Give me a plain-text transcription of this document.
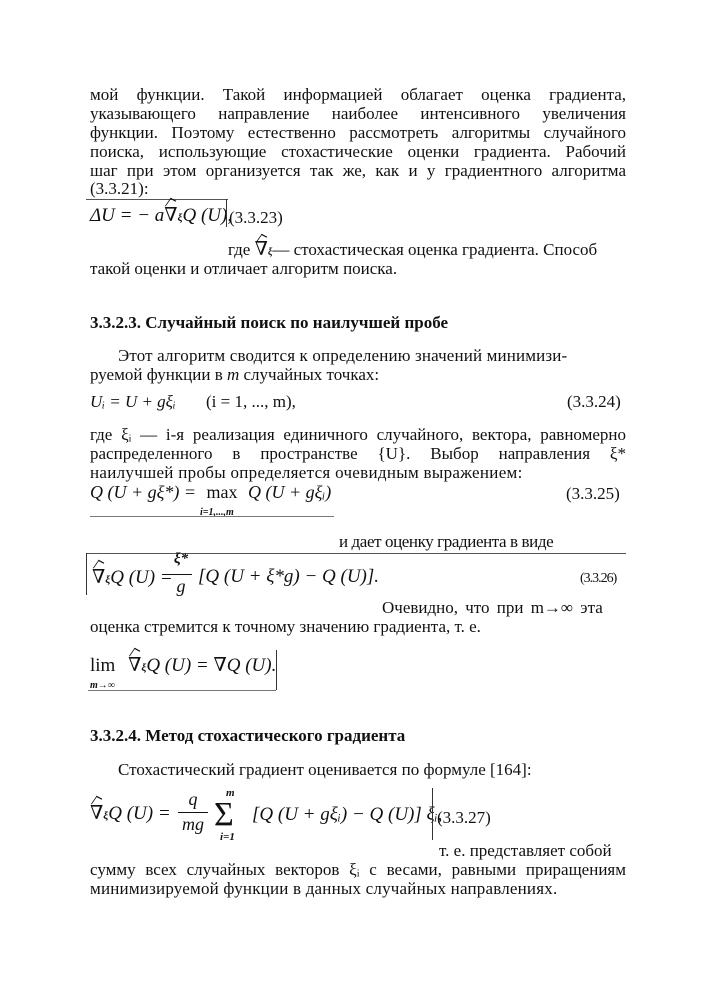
мой функции. Такой информацией облагает оценка градиента,
указывающего направление наиболее интенсивного увеличения
функции. Поэтому естественно рассмотреть алгоритмы случайного
поиска, использующие стохастические оценки градиента. Рабочий
шаг при этом организуется так же, как и у градиентного алгоритма
(3.3.21):
ΔU = − a∇ξQ (U),
(3.3.23)
где ∇ξ— стохастическая оценка градиента. Способ
такой оценки и отличает алгоритм поиска.
3.3.2.3. Случайный поиск по наилучшей пробе
Этот алгоритм сводится к определению значений минимизи-
руемой функции в m случайных точках:
Uᵢ = U + gξᵢ (i = 1, ..., m),	(3.3.24)
где ξᵢ — i-я реализация единичного случайного, вектора, равномерно
распределенного в пространстве {U}. Выбор направления ξ*
наилучшей пробы определяется очевидным выражением:
Q (U + gξ*) = max Q (U + gξᵢ)
i=1,...,m
(3.3.25)
и дает оценку градиента в виде
∇ξQ (U) =
ξ*
g [Q (U + ξ*g) − Q (U)].	(3.3.26)
Очевидно, что при m→∞ эта
оценка стремится к точному значению градиента, т. е.
lim ∇ξQ (U) = ∇Q (U).
m→∞
3.3.2.4. Метод стохастического градиента
Стохастический градиент оценивается по формуле [164]:
∇ξQ (U) =
q
mg
m
Σ
i=1
[Q (U + gξᵢ) − Q (U)] ξᵢ,
(3.3.27)
т. е. представляет собой
сумму всех случайных векторов ξᵢ с весами, равными приращениям
минимизируемой функции в данных случайных направлениях.
